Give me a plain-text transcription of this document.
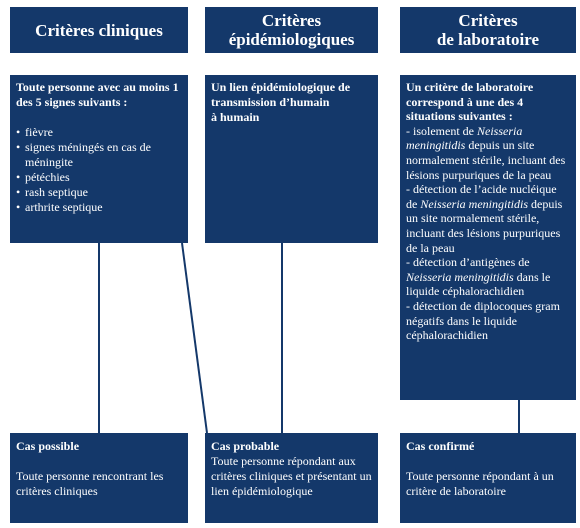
Critères cliniques	Critères
épidémiologiques
Critères
de laboratoire
Toute personne avec au moins 1 des 5 signes suivants :
• fièvre
• signes méningés en cas de méningite
• pétéchies
• rash septique
• arthrite septique
Un lien épidémiologique de
transmission d’humain
à humain
Un critère de laboratoire correspond à une des 4 situations suivantes :
- isolement de Neisseria meningitidis depuis un site normalement stérile, incluant des lésions purpuriques de la peau
- détection de l’acide nucléique de Neisseria meningitidis depuis un site normalement stérile, incluant des lésions purpuriques de la peau
- détection d’antigènes de Neisseria meningitidis dans le liquide céphalorachidien
- détection de diplocoques gram négatifs dans le liquide céphalorachidien
Cas possible
Toute personne rencontrant les critères cliniques
Cas probable
Toute personne répondant aux critères cliniques et présentant un lien épidémiologique
Cas confirmé
Toute personne répondant à un critère de laboratoire
